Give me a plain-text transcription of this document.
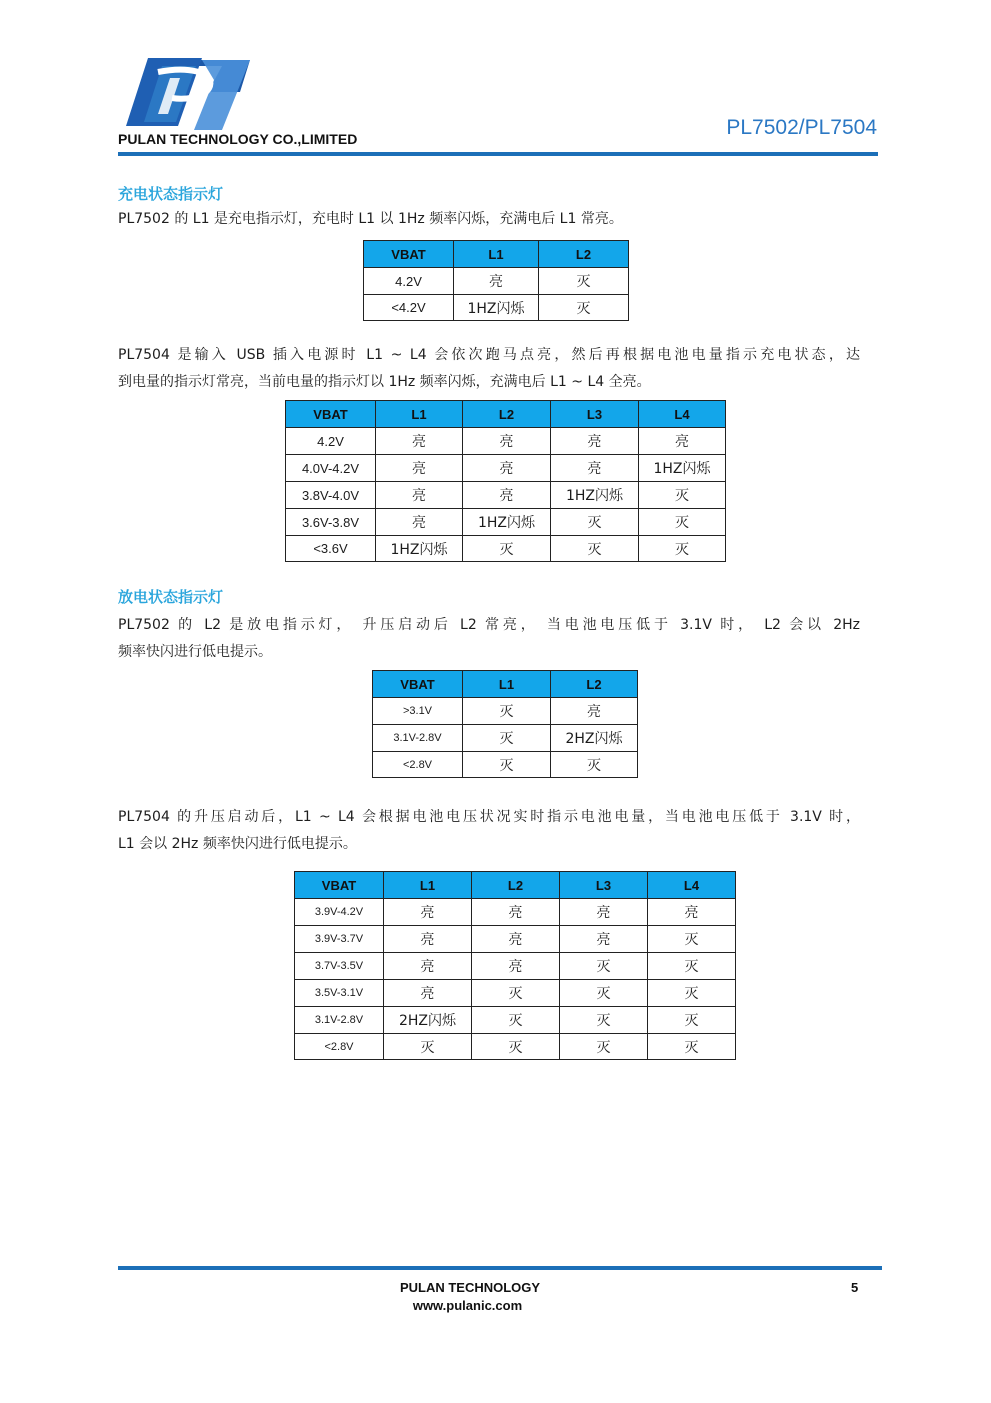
PULAN TECHNOLOGY CO.,LIMITED	PL7502/PL7504
充电状态指示灯
PL7502 的 L1 是充电指示灯，充电时 L1 以 1Hz 频率闪烁，充满电后 L1 常亮。
VBAT	L1	L2
4.2V	亮	灭
<4.2V	1HZ闪烁	灭
PL7504 是输入 USB 插入电源时 L1 ~ L4 会依次跑马点亮，然后再根据电池电量指示充电状态，达
到电量的指示灯常亮，当前电量的指示灯以 1Hz 频率闪烁，充满电后 L1 ~ L4 全亮。
VBAT	L1	L2	L3	L4
4.2V	亮	亮	亮	亮
4.0V-4.2V	亮	亮	亮	1HZ闪烁
3.8V-4.0V	亮	亮	1HZ闪烁	灭
3.6V-3.8V	亮	1HZ闪烁	灭	灭
<3.6V	1HZ闪烁	灭	灭	灭
放电状态指示灯
PL7502 的 L2 是放电指示灯， 升压启动后 L2 常亮， 当电池电压低于 3.1V 时， L2 会以 2Hz
频率快闪进行低电提示。
VBAT	L1	L2
>3.1V	灭	亮
3.1V-2.8V	灭	2HZ闪烁
<2.8V	灭	灭
PL7504 的升压启动后，L1 ~ L4 会根据电池电压状况实时指示电池电量，当电池电压低于 3.1V 时，
L1 会以 2Hz 频率快闪进行低电提示。
VBAT	L1	L2	L3	L4
3.9V-4.2V	亮	亮	亮	亮
3.9V-3.7V	亮	亮	亮	灭
3.7V-3.5V	亮	亮	灭	灭
3.5V-3.1V	亮	灭	灭	灭
3.1V-2.8V	2HZ闪烁	灭	灭	灭
<2.8V	灭	灭	灭	灭
PULAN TECHNOLOGY
www.pulanic.com
5
